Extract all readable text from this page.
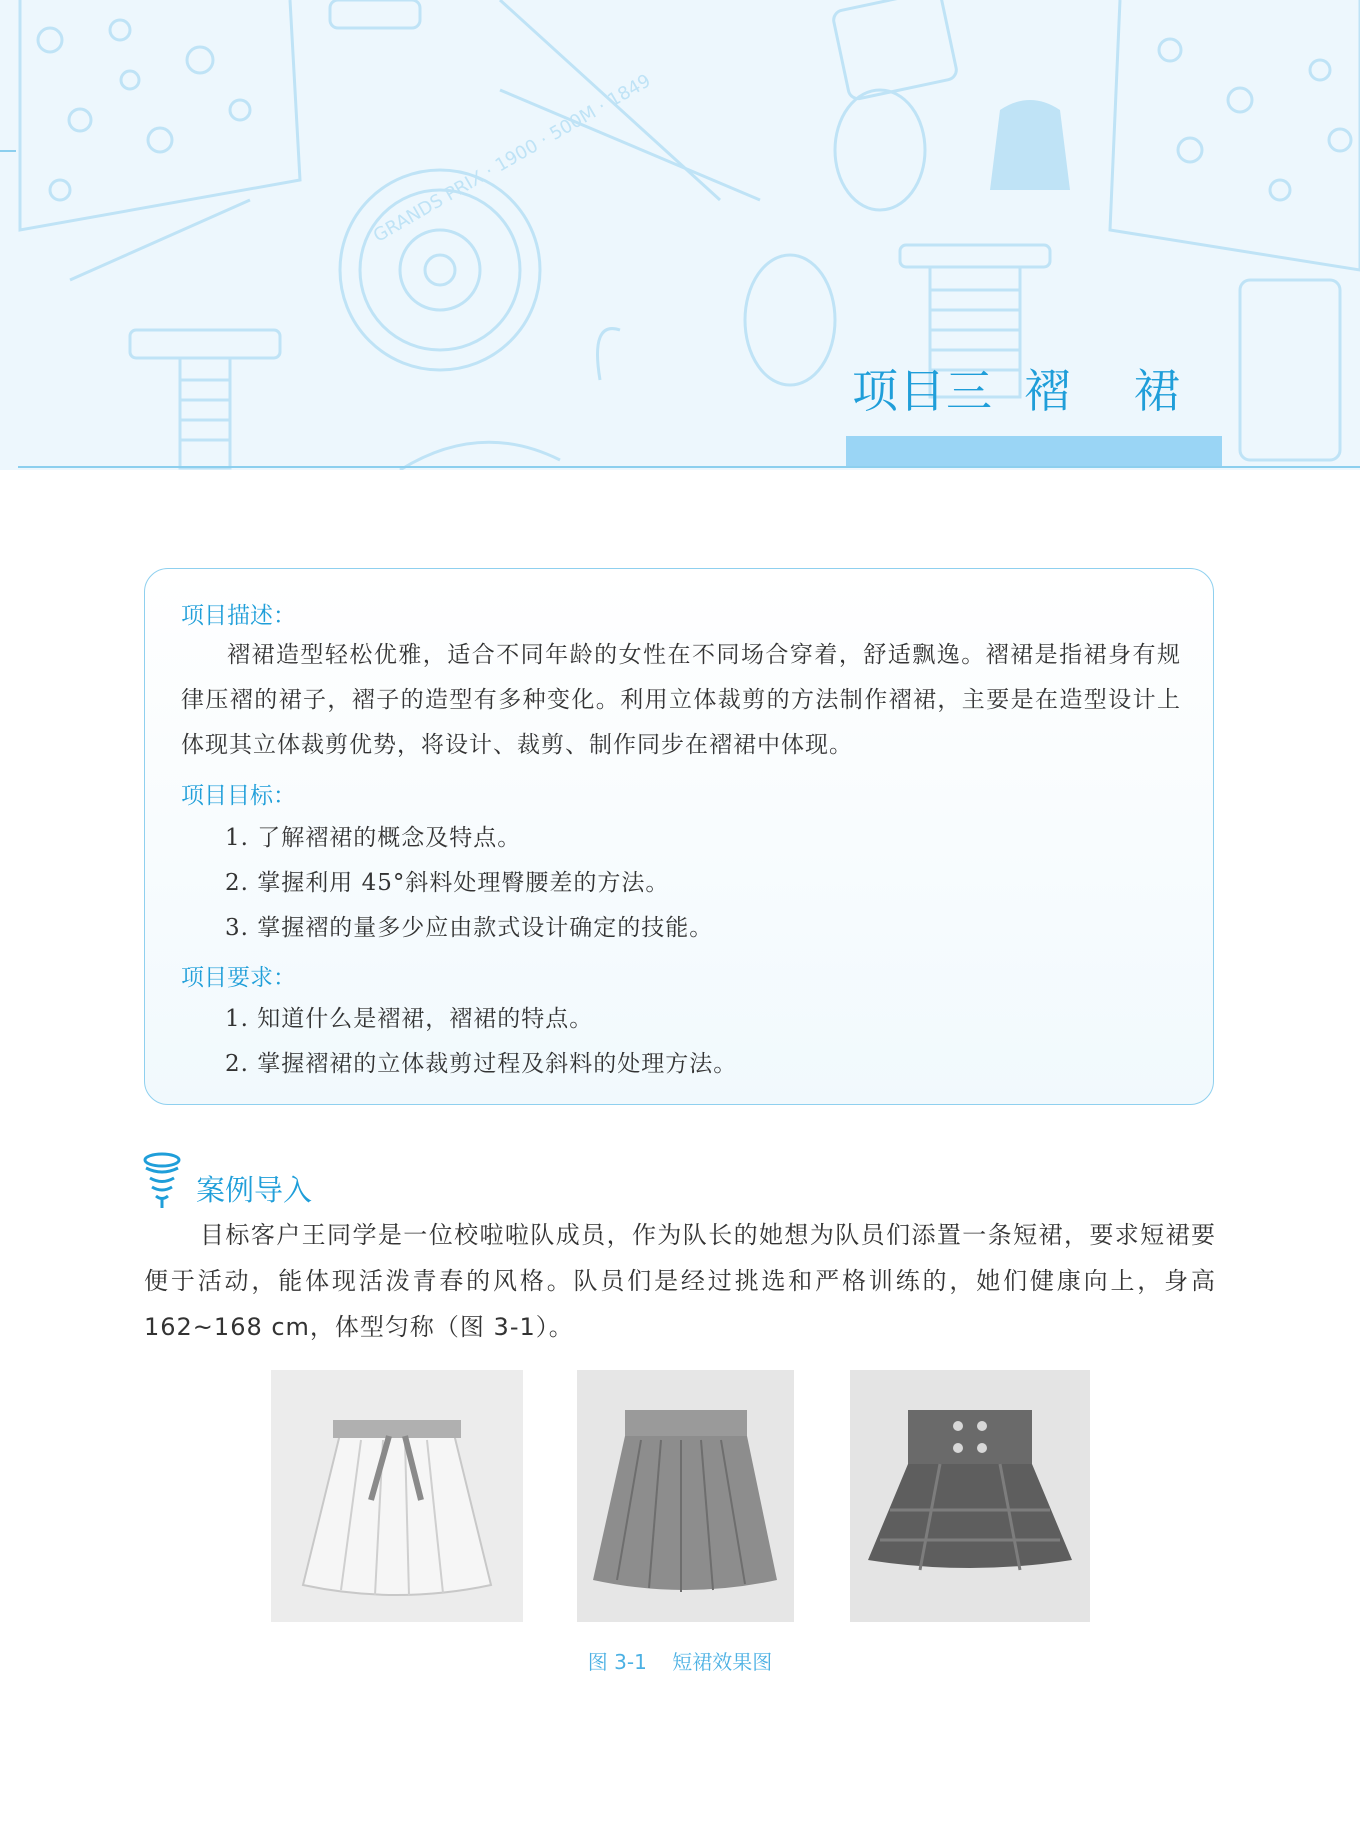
GRANDS PRIX · 1900 · 500M · 1849
项目三  褶    裙
项目描述：
褶裙造型轻松优雅，适合不同年龄的女性在不同场合穿着，舒适飘逸。褶裙是指裙身有规律压褶的裙子，褶子的造型有多种变化。利用立体裁剪的方法制作褶裙，主要是在造型设计上体现其立体裁剪优势，将设计、裁剪、制作同步在褶裙中体现。
项目目标：
1. 了解褶裙的概念及特点。
2. 掌握利用 45°斜料处理臀腰差的方法。
3. 掌握褶的量多少应由款式设计确定的技能。
项目要求：
1. 知道什么是褶裙，褶裙的特点。
2. 掌握褶裙的立体裁剪过程及斜料的处理方法。
案例导入
目标客户王同学是一位校啦啦队成员，作为队长的她想为队员们添置一条短裙，要求短裙要便于活动，能体现活泼青春的风格。队员们是经过挑选和严格训练的，她们健康向上，身高 162~168 cm，体型匀称（图 3-1）。
图 3-1    短裙效果图
